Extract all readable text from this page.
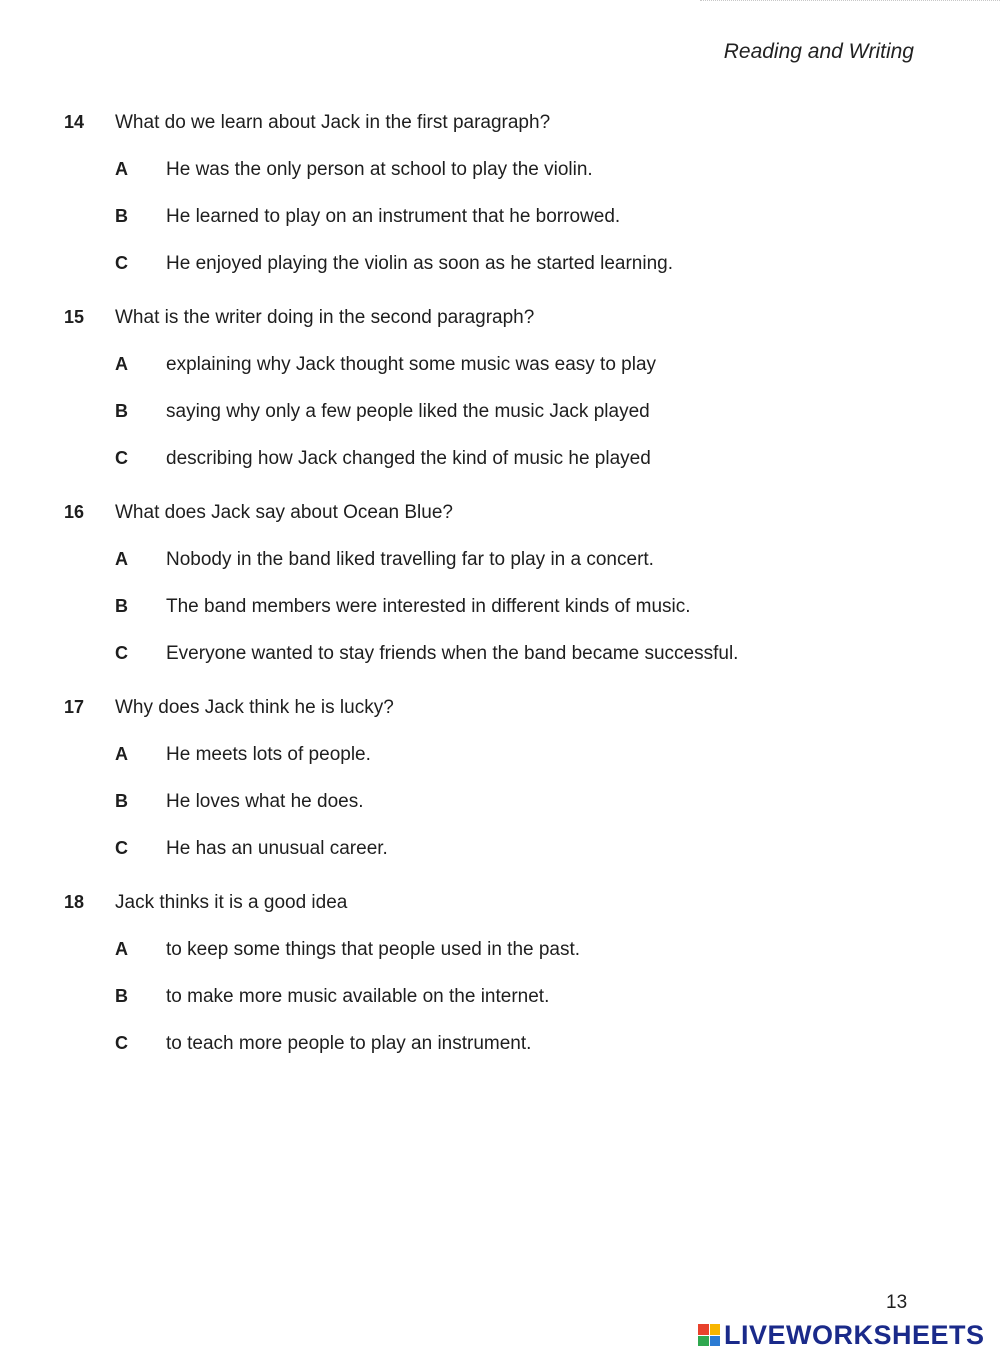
Reading and Writing
14	What do we learn about Jack in the first paragraph?
A He was the only person at school to play the violin.
B He learned to play on an instrument that he borrowed.
C He enjoyed playing the violin as soon as he started learning.
15	What is the writer doing in the second paragraph?
A explaining why Jack thought some music was easy to play
B saying why only a few people liked the music Jack played
C describing how Jack changed the kind of music he played
16	What does Jack say about Ocean Blue?
A Nobody in the band liked travelling far to play in a concert.
B The band members were interested in different kinds of music.
C Everyone wanted to stay friends when the band became successful.
17	Why does Jack think he is lucky?
A He meets lots of people.
B He loves what he does.
C He has an unusual career.
18	Jack thinks it is a good idea
A to keep some things that people used in the past.
B to make more music available on the internet.
C to teach more people to play an instrument.
13
LIVEWORKSHEETS
